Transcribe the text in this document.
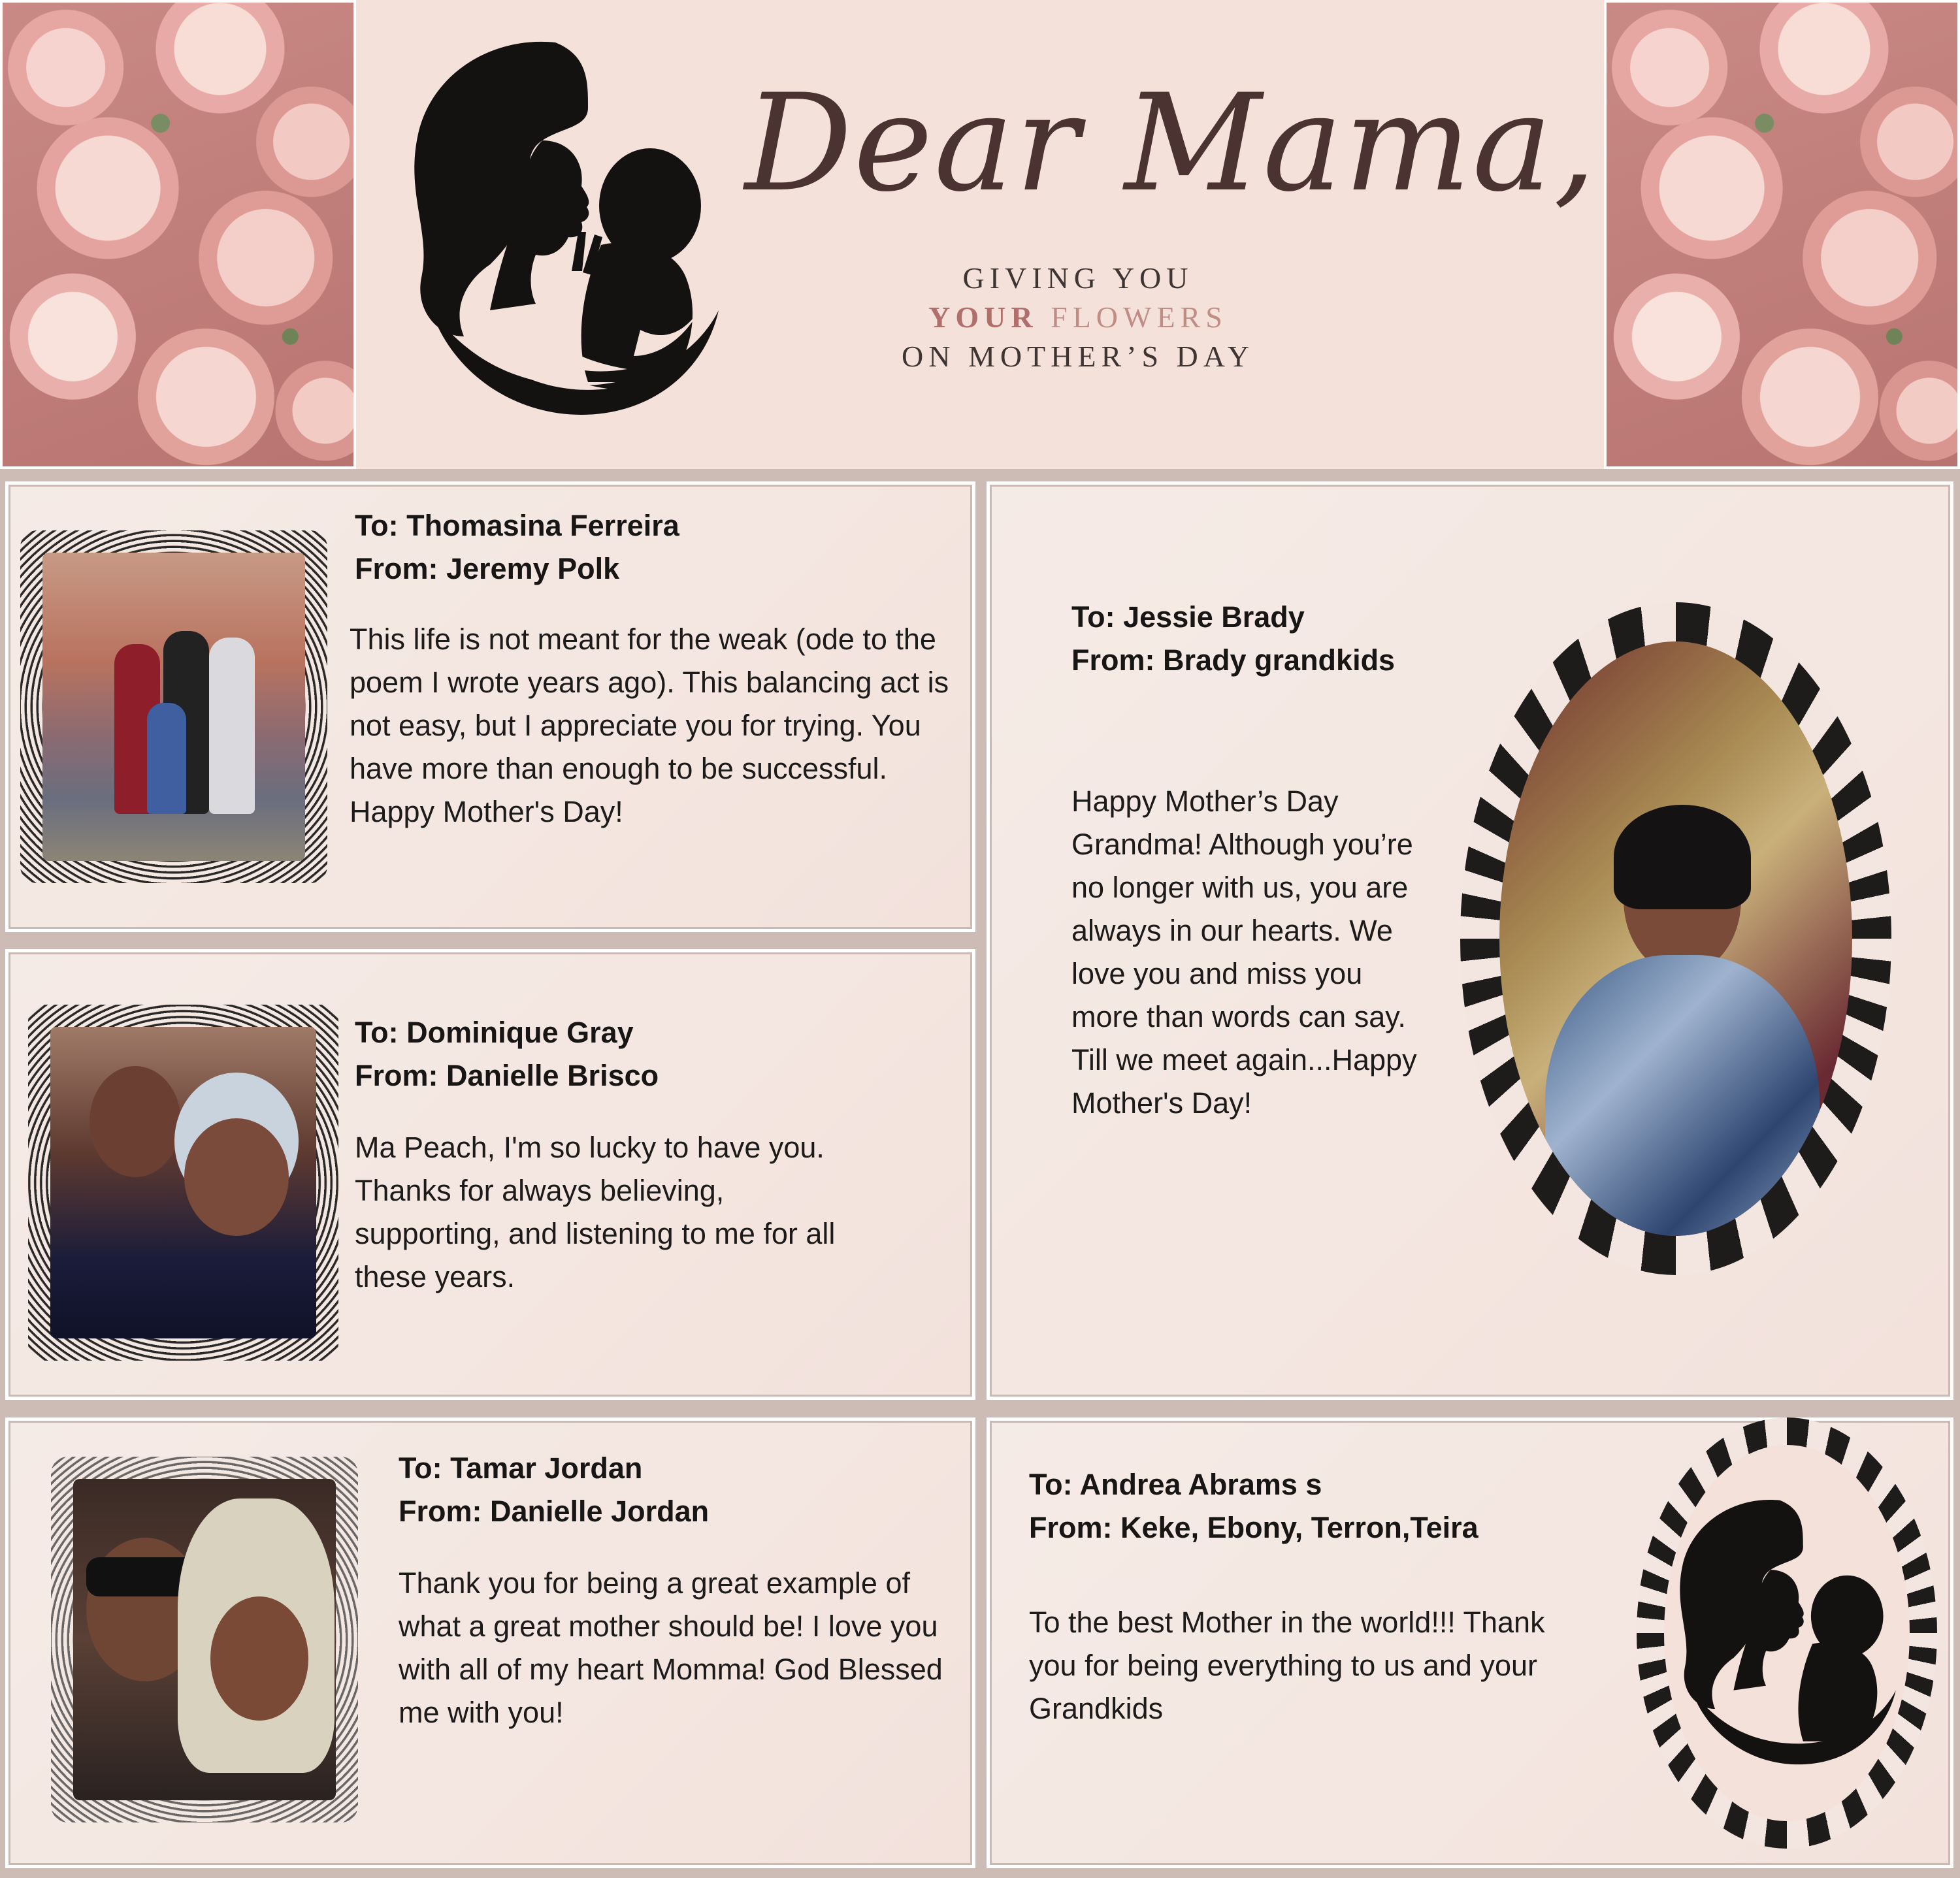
Dear Mama,
GIVING YOU
YOUR FLOWERS
ON MOTHER’S DAY
To: Thomasina Ferreira
From: Jeremy Polk
This life is not meant for the weak (ode to the poem I wrote years ago). This balancing act is not easy, but I appreciate you for trying. You have more than enough to be successful. Happy Mother's Day!
To: Dominique Gray
From: Danielle Brisco
Ma Peach, I'm so lucky to have you. Thanks for always believing, supporting, and listening to me for all these years.
To: Jessie Brady
From: Brady grandkids
Happy Mother’s Day Grandma! Although you’re no longer with us, you are always in our hearts. We love you and miss you more than words can say. Till we meet again...Happy Mother's Day!
To: Tamar Jordan
From: Danielle Jordan
Thank you for being a great example of what a great mother should be! I love you with all of my heart Momma! God Blessed me with you!
To: Andrea Abrams s
From: Keke, Ebony, Terron,Teira
To the best Mother in the world!!! Thank you for being everything to us and your Grandkids
